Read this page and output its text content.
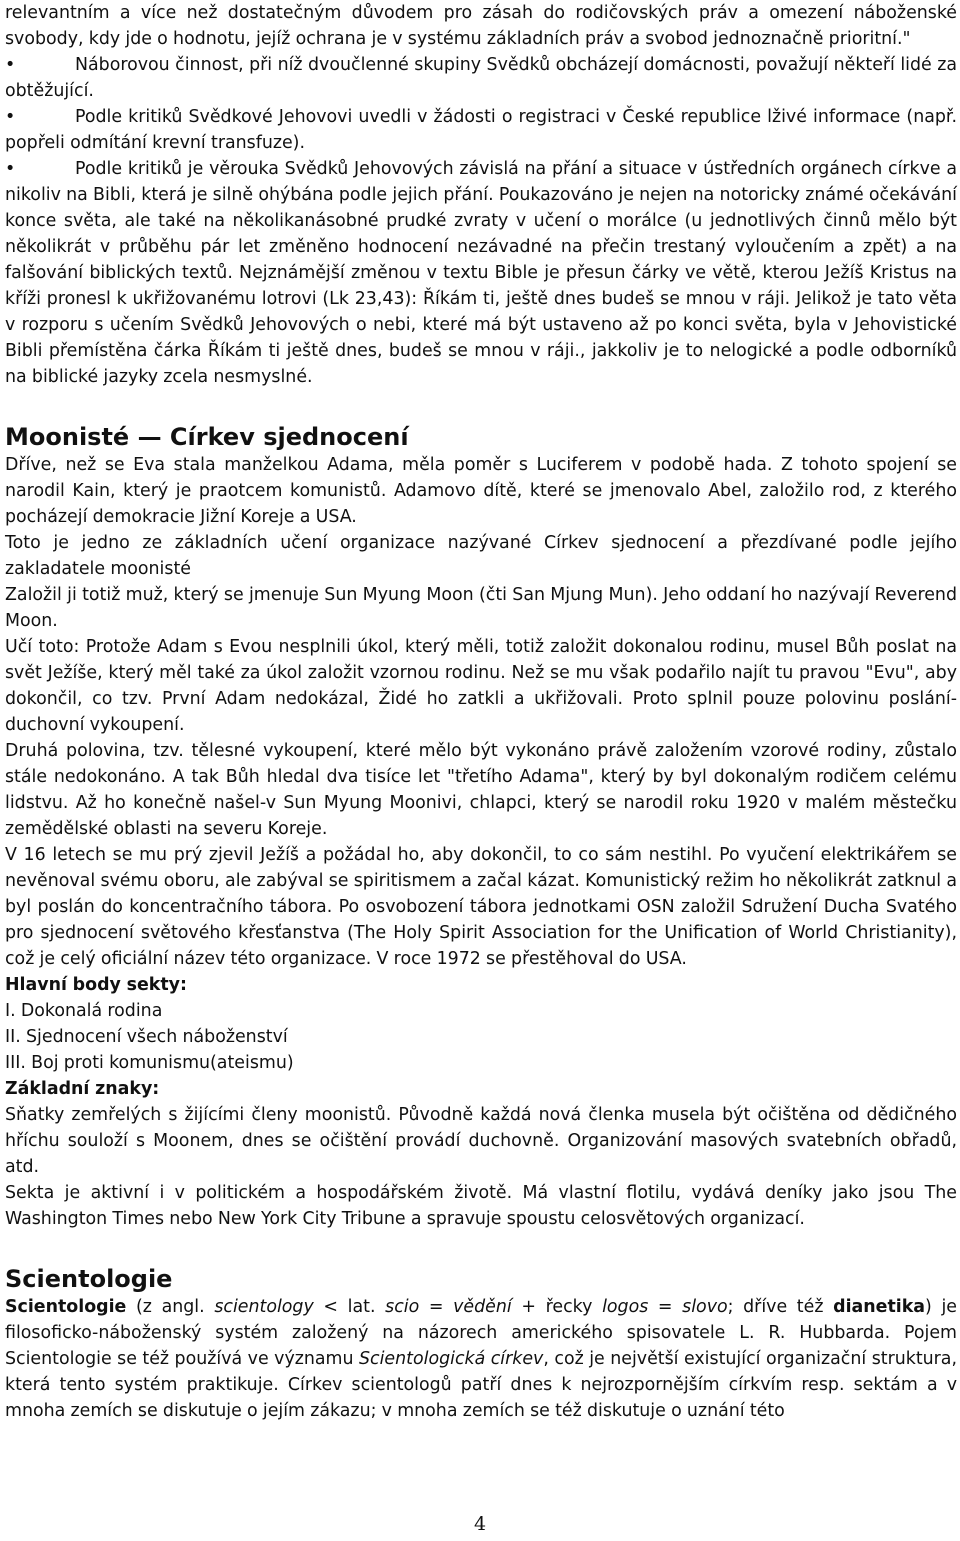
relevantním a více než dostatečným důvodem pro zásah do rodičovských práv a omezení náboženské svobody, kdy jde o hodnotu, jejíž ochrana je v systému základních práv a svobod jednoznačně prioritní."

•	Náborovou činnost, při níž dvoučlenné skupiny Svědků obcházejí domácnosti, považují někteří lidé za obtěžující.

•	Podle kritiků Svědkové Jehovovi uvedli v žádosti o registraci v České republice lživé informace (např. popřeli odmítání krevní transfuze).

•	Podle kritiků je věrouka Svědků Jehovových závislá na přání a situace v ústředních orgánech církve a nikoliv na Bibli, která je silně ohýbána podle jejich přání. Poukazováno je nejen na notoricky známé očekávání konce světa, ale také na několikanásobné prudké zvraty v učení o morálce (u jednotlivých činnů mělo být několikrát v průběhu pár let změněno hodnocení nezávadné na přečin trestaný vyloučením a zpět) a na falšování biblických textů. Nejznámější změnou v textu Bible je přesun čárky ve větě, kterou Ježíš Kristus na kříži pronesl k ukřižovanému lotrovi (Lk 23,43): Říkám ti, ještě dnes budeš se mnou v ráji. Jelikož je tato věta v rozporu s učením Svědků Jehovových o nebi, které má být ustaveno až po konci světa, byla v Jehovistické Bibli přemístěna čárka Říkám ti ještě dnes, budeš se mnou v ráji., jakkoliv je to nelogické a podle odborníků na biblické jazyky zcela nesmyslné.

Moonisté — Církev sjednocení

Dříve, než se Eva stala manželkou Adama, měla poměr s Luciferem v podobě hada. Z tohoto spojení se narodil Kain, který je praotcem komunistů. Adamovo dítě, které se jmenovalo Abel, založilo rod, z kterého pocházejí demokracie Jižní Koreje a USA.

Toto je jedno ze základních učení organizace nazývané Církev sjednocení a přezdívané podle jejího zakladatele moonisté

Založil ji totiž muž, který se jmenuje Sun Myung Moon (čti San Mjung Mun). Jeho oddaní ho nazývají Reverend Moon.

Učí toto: Protože Adam s Evou nesplnili úkol, který měli, totiž založit dokonalou rodinu, musel Bůh poslat na svět Ježíše, který měl také za úkol založit vzornou rodinu. Než se mu však podařilo najít tu pravou "Evu", aby dokončil, co tzv. První Adam nedokázal, Židé ho zatkli a ukřižovali. Proto splnil pouze polovinu poslání-duchovní vykoupení.

Druhá polovina, tzv. tělesné vykoupení, které mělo být vykonáno právě založením vzorové rodiny, zůstalo stále nedokonáno. A tak Bůh hledal dva tisíce let "třetího Adama", který by byl dokonalým rodičem celému lidstvu. Až ho konečně našel-v Sun Myung Moonivi, chlapci, který se narodil roku 1920 v malém městečku zemědělské oblasti na severu Koreje.

V 16 letech se mu prý zjevil Ježíš a požádal ho, aby dokončil, to co sám nestihl. Po vyučení elektrikářem se nevěnoval svému oboru, ale zabýval se spiritismem a začal kázat. Komunistický režim ho několikrát zatknul a byl poslán do koncentračního tábora. Po osvobození tábora jednotkami OSN založil Sdružení Ducha Svatého pro sjednocení světového křesťanstva (The Holy Spirit Association for the Unification of World Christianity), což je celý oficiální název této organizace. V roce 1972 se přestěhoval do USA.

Hlavní body sekty:

I. Dokonalá rodina

II. Sjednocení všech náboženství

III. Boj proti komunismu(ateismu)

Základní znaky:

Sňatky zemřelých s žijícími členy moonistů. Původně každá nová členka musela být očištěna od dědičného hříchu souloží s Moonem, dnes se očištění provádí duchovně. Organizování masových svatebních obřadů, atd.

Sekta je aktivní i v politickém a hospodářském životě. Má vlastní flotilu, vydává deníky jako jsou The Washington Times nebo New York City Tribune a spravuje spoustu celosvětových organizací.

Scientologie

Scientologie (z angl. scientology < lat. scio = vědění + řecky logos = slovo; dříve též dianetika) je filosoficko-náboženský systém založený na názorech amerického spisovatele L. R. Hubbarda. Pojem Scientologie se též používá ve významu Scientologická církev, což je největší existující organizační struktura, která tento systém praktikuje. Církev scientologů patří dnes k nejrozpornějším církvím resp. sektám a v mnoha zemích se diskutuje o jejím zákazu; v mnoha zemích se též diskutuje o uznání této

4
